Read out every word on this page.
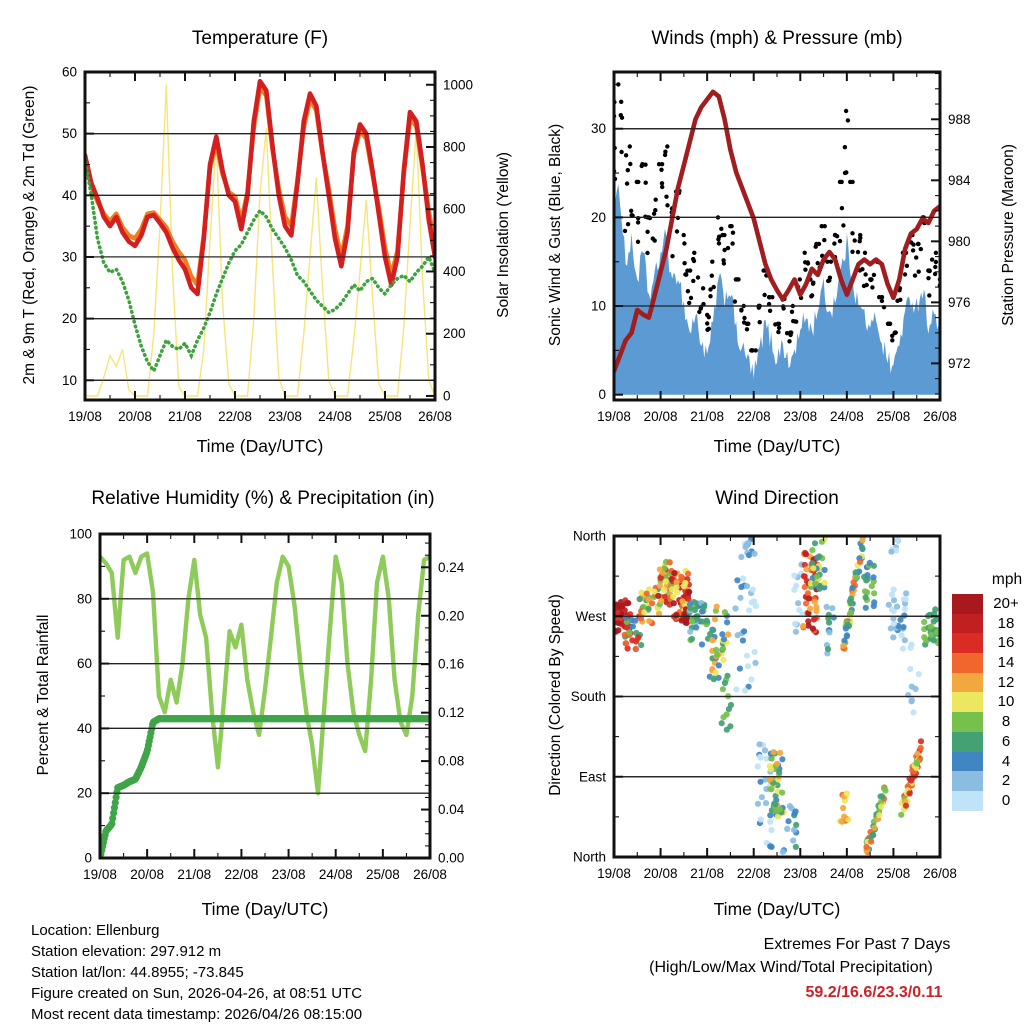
19/08 20/08 21/08 22/08 23/08 24/08 25/08 26/08
10
20
30
40
50
60
0
200
400
600
800
1000
19/08 20/08 21/08 22/08 23/08 24/08 25/08 26/08
0
10
20
30
972
976
980
984
988
19/08 20/08 21/08 22/08 23/08 24/08 25/08 26/08
0
20
40
60
80
100
0.00
0.04
0.08
0.12
0.16
0.20
0.24
19/08 20/08 21/08 22/08 23/08 24/08 25/08 26/08
North
East
South
West
North
Temperature (F)	Winds (mph) & Pressure (mb)
Relative Humidity (%) & Precipitation (in)	Wind Direction
Time (Day/UTC)	Time (Day/UTC)
Time (Day/UTC)	Time (Day/UTC)
2m & 9m T (Red, Orange) & 2m Td (Green)	Solar Insolation (Yellow) Sonic Wind & Gust (Blue, Black)	Station Pressure (Maroon)
Percent & Total Rainfall	Direction (Colored By Speed)
mph
20+
18
16
14
12
10
8
6
4
2
0
Location: Ellenburg
Station elevation: 297.912 m
Station lat/lon: 44.8955; -73.845
Figure created on Sun, 2026-04-26, at 08:51 UTC
Most recent data timestamp: 2026/04/26 08:15:00
Extremes For Past 7 Days
(High/Low/Max Wind/Total Precipitation)
59.2/16.6/23.3/0.11
